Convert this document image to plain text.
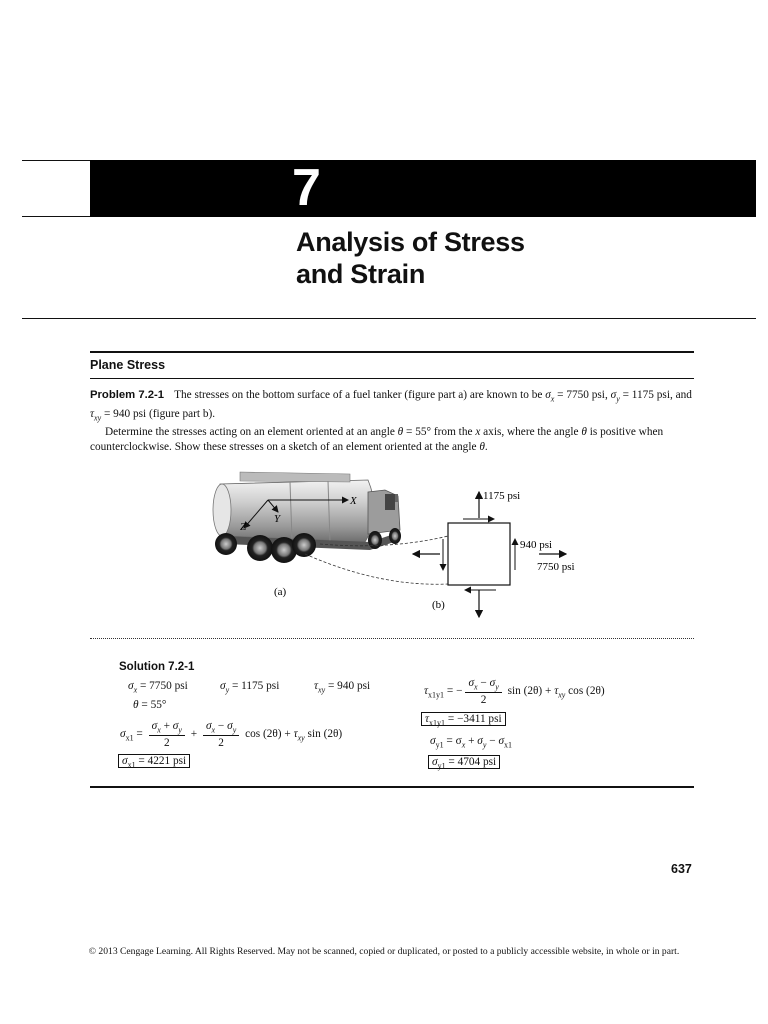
7
Analysis of Stress
and Strain
Plane Stress

Problem 7.2-1 The stresses on the bottom surface of a fuel tanker (figure part a) are known to be $\sigma_x = 7750$ psi, $\sigma_y = 1175$ psi, and $\tau_{xy} = 940$ psi (figure part b).

Determine the stresses acting on an element oriented at an angle θ = 55° from the x axis, where the angle θ is positive when counterclockwise. Show these stresses on a sketch of an element oriented at the angle θ.

X
Y
Z
(a)
1175 psi
940 psi
7750 psi
(b)
Solution 7.2-1
$\sigma_x = 7750$ psi	$\sigma_y = 1175$ psi	$\tau_{xy} = 940$ psi
θ = 55°
$\sigma_{x1} = \frac{\sigma_x + \sigma_y}{2} + \frac{\sigma_x - \sigma_y}{2}$ $\cos (2\theta) + \tau_{xy}$ sin (2θ)
$\sigma_{x1} = 4221$ psi
$\tau_{x1y1}$ = − $\frac{\sigma_x - \sigma_y}{2}$ $\sin (2\theta) + \tau_{xy}$ cos (2θ)
$\tau_{x1y1} = -3411$ psi
$\sigma_{y1} = \sigma_x + \sigma_y - \sigma_{x1}$
$\sigma_{y1} = 4704$ psi
637
© 2013 Cengage Learning. All Rights Reserved. May not be scanned, copied or duplicated, or posted to a publicly accessible website, in whole or in part.
